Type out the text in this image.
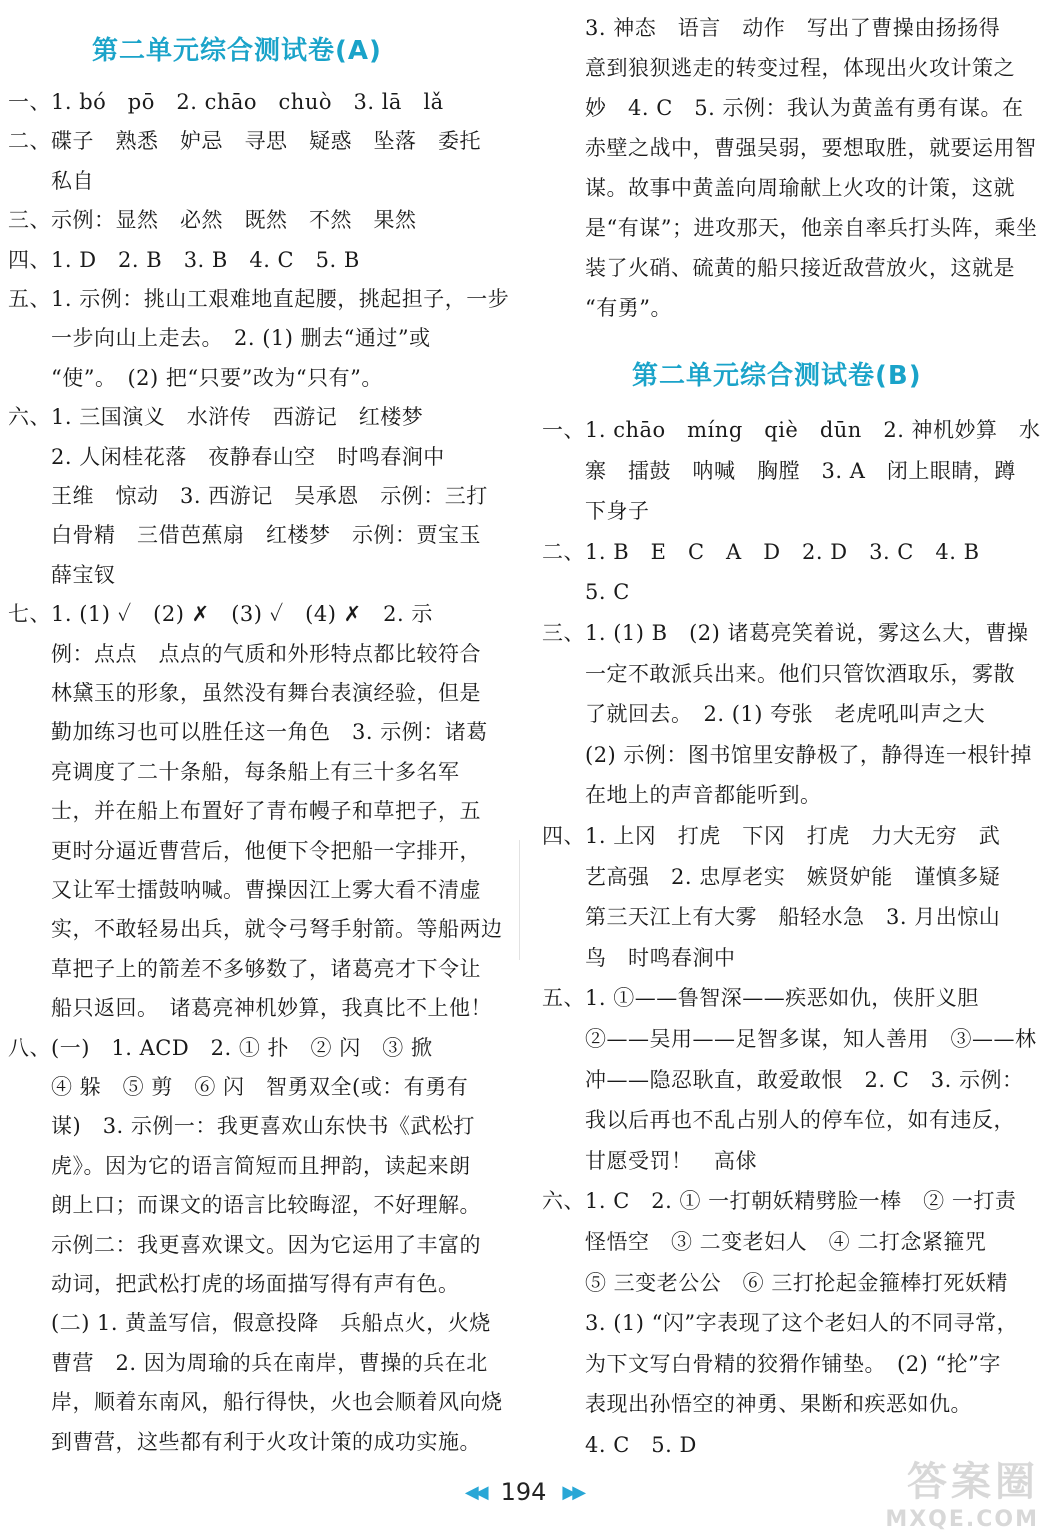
第二单元综合测试卷(A)
一、1. bó　pō　2. chāo　chuò　3. lā　lǎ
二、碟子　熟悉　妒忌　寻思　疑惑　坠落　委托
　　私自
三、示例：显然　必然　既然　不然　果然
四、1. D　2. B　3. B　4. C　5. B
五、1. 示例：挑山工艰难地直起腰，挑起担子，一步
　　一步向山上走去。　2. (1) 删去“通过”或
　　“使”。　(2) 把“只要”改为“只有”。
六、1. 三国演义　水浒传　西游记　红楼梦
　　2. 人闲桂花落　夜静春山空　时鸣春涧中
　　王维　惊动　3. 西游记　吴承恩　示例：三打
　　白骨精　三借芭蕉扇　红楼梦　示例：贾宝玉
　　薛宝钗
七、1. (1) ✓　(2) ✗　(3) ✓　(4) ✗　2. 示
　　例：点点　点点的气质和外形特点都比较符合
　　林黛玉的形象，虽然没有舞台表演经验，但是
　　勤加练习也可以胜任这一角色　3. 示例：诸葛
　　亮调度了二十条船，每条船上有三十多名军
　　士，并在船上布置好了青布幔子和草把子，五
　　更时分逼近曹营后，他便下令把船一字排开，
　　又让军士擂鼓呐喊。曹操因江上雾大看不清虚
　　实，不敢轻易出兵，就令弓弩手射箭。等船两边
　　草把子上的箭差不多够数了，诸葛亮才下令让
　　船只返回。　诸葛亮神机妙算，我真比不上他！
八、(一)　1. ACD　2. ① 扑　② 闪　③ 掀
　　④ 躲　⑤ 剪　⑥ 闪　智勇双全(或：有勇有
　　谋)　3. 示例一：我更喜欢山东快书《武松打
　　虎》。因为它的语言简短而且押韵，读起来朗
　　朗上口；而课文的语言比较晦涩，不好理解。
　　示例二：我更喜欢课文。因为它运用了丰富的
　　动词，把武松打虎的场面描写得有声有色。
　　(二) 1. 黄盖写信，假意投降　兵船点火，火烧
　　曹营　2. 因为周瑜的兵在南岸，曹操的兵在北
　　岸，顺着东南风，船行得快，火也会顺着风向烧
　　到曹营，这些都有利于火攻计策的成功实施。
　　3. 神态　语言　动作　写出了曹操由扬扬得
　　意到狼狈逃走的转变过程，体现出火攻计策之
　　妙　4. C　5. 示例：我认为黄盖有勇有谋。在
　　赤壁之战中，曹强吴弱，要想取胜，就要运用智
　　谋。故事中黄盖向周瑜献上火攻的计策，这就
　　是“有谋”；进攻那天，他亲自率兵打头阵，乘坐
　　装了火硝、硫黄的船只接近敌营放火，这就是
　　“有勇”。
第二单元综合测试卷(B)
一、1. chāo　míng　qiè　dūn　2. 神机妙算　水
　　寨　擂鼓　呐喊　胸膛　3. A　闭上眼睛，蹲
　　下身子
二、1. B　E　C　A　D　2. D　3. C　4. B
　　5. C
三、1. (1) B　(2) 诸葛亮笑着说，雾这么大，曹操
　　一定不敢派兵出来。他们只管饮酒取乐，雾散
　　了就回去。　2. (1) 夸张　老虎吼叫声之大
　　(2) 示例：图书馆里安静极了，静得连一根针掉
　　在地上的声音都能听到。
四、1. 上冈　打虎　下冈　打虎　力大无穷　武
　　艺高强　2. 忠厚老实　嫉贤妒能　谨慎多疑
　　第三天江上有大雾　船轻水急　3. 月出惊山
　　鸟　时鸣春涧中
五、1. ①——鲁智深——疾恶如仇，侠肝义胆
　　②——吴用——足智多谋，知人善用　③——林
　　冲——隐忍耿直，敢爱敢恨　2. C　3. 示例：
　　我以后再也不乱占别人的停车位，如有违反，
　　甘愿受罚！　高俅
六、1. C　2. ① 一打朝妖精劈脸一棒　② 一打责
　　怪悟空　③ 二变老妇人　④ 二打念紧箍咒
　　⑤ 三变老公公　⑥ 三打抡起金箍棒打死妖精
　　3. (1) “闪”字表现了这个老妇人的不同寻常，
　　为下文写白骨精的狡猾作铺垫。　(2) “抡”字
　　表现出孙悟空的神勇、果断和疾恶如仇。
　　4. C　5. D
◀◀ 194 ▶▶	答案圈
MXQE.COM
